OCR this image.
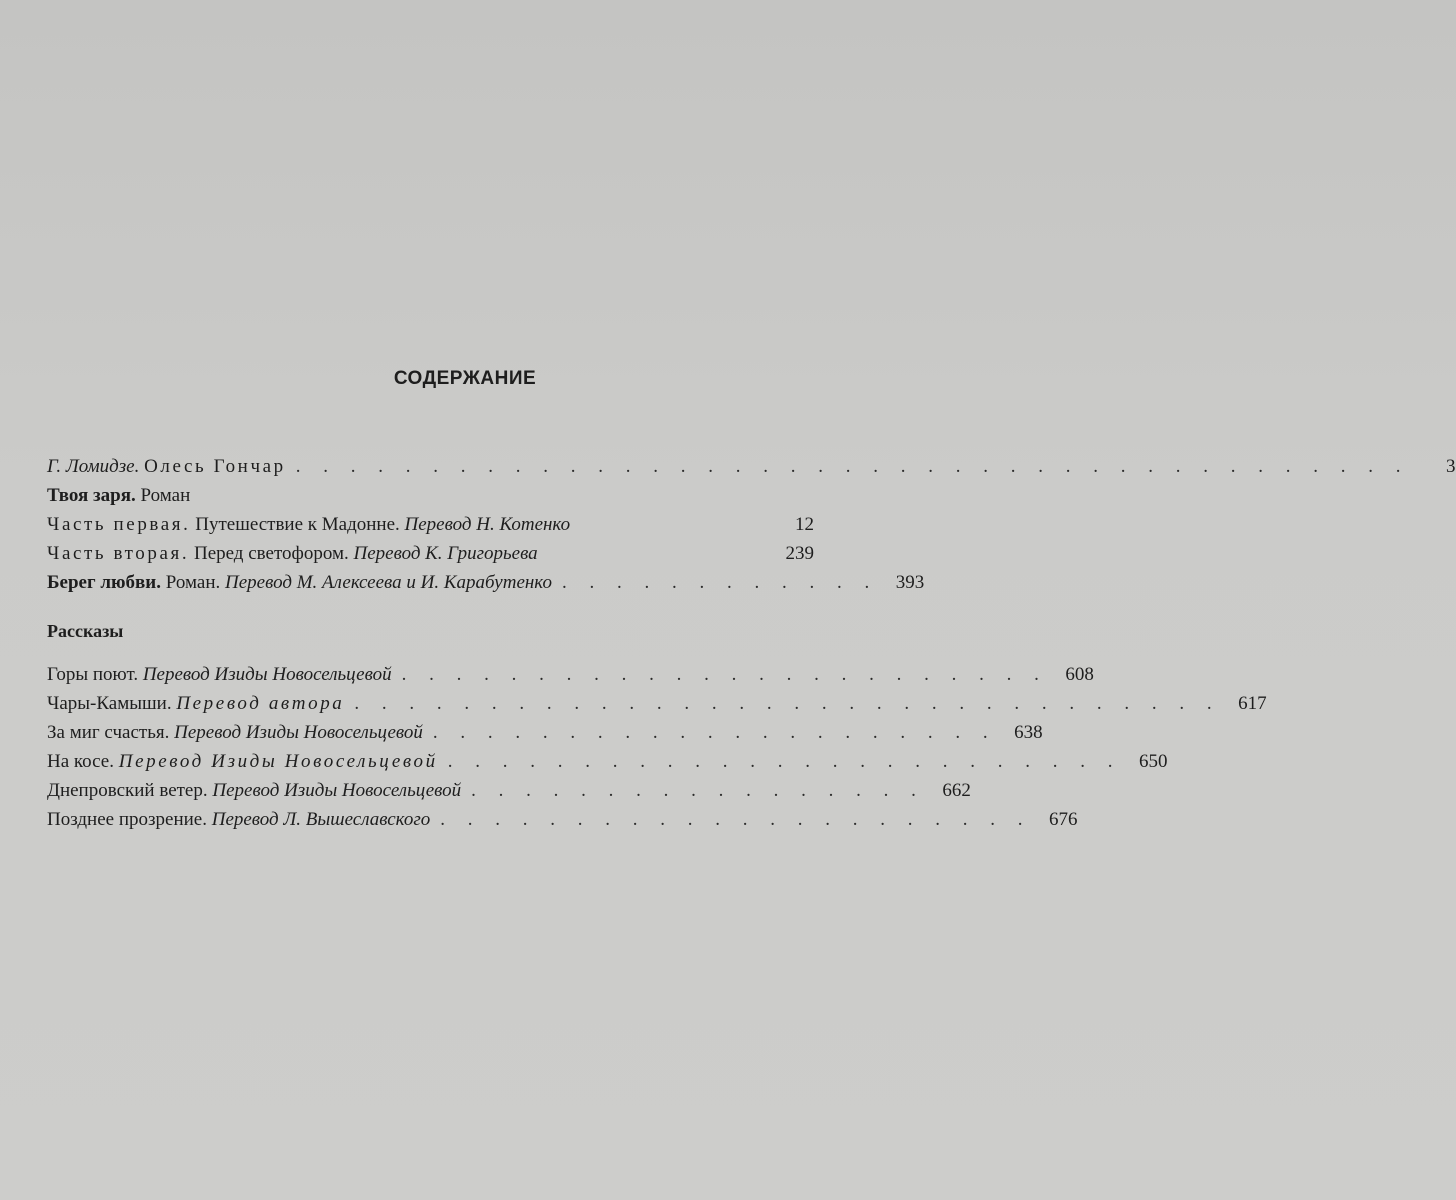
СОДЕРЖАНИЕ
Г. Ломидзе. Олесь Гончар . . . . . . . . . . . . . . . . . . . . . . . . . . . . . . . . . . . . . . . . .	3
Твоя заря. Роман
Часть первая. Путешествие к Мадонне. Перевод Н. Котенко	12
Часть вторая. Перед светофором. Перевод К. Григорьева	239
Берег любви. Роман. Перевод М. Алексеева и И. Карабутенко . . . . . . . . . . . . 393
Рассказы
Горы поют. Перевод Изиды Новосельцевой . . . . . . . . . . . . . . . . . . . . . . . . 608
Чары-Камыши. Перевод автора . . . . . . . . . . . . . . . . . . . . . . . . . . . . . . . . 617
За миг счастья. Перевод Изиды Новосельцевой . . . . . . . . . . . . . . . . . . . . . 638
На косе. Перевод Изиды Новосельцевой . . . . . . . . . . . . . . . . . . . . . . . . . 650
Днепровский ветер. Перевод Изиды Новосельцевой . . . . . . . . . . . . . . . . . 662
Позднее прозрение. Перевод Л. Вышеславского . . . . . . . . . . . . . . . . . . . . . . 676
